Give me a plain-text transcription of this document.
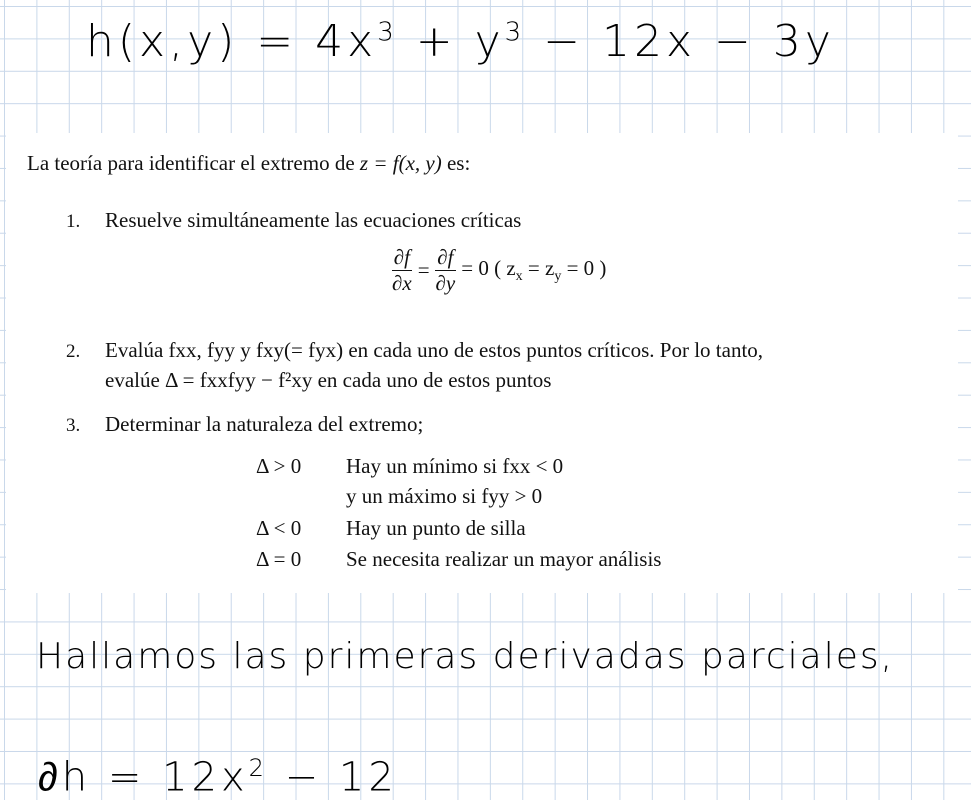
$h(x,y) = 4x^3 + y^3 - 12x - 3y$
La teoría para identificar el extremo de z = f(x, y) es:
1. Resuelve simultáneamente las ecuaciones críticas
$\frac{\partial f}{\partial x} = \frac{\partial f}{\partial y} = 0$ ( $z_x = z_y = 0$ )
2. Evalúa fxx, fyy y fxy(= fyx) en cada uno de estos puntos críticos. Por lo tanto,
evalúe Δ = fxxfyy − f²xy en cada uno de estos puntos
3. Determinar la naturaleza del extremo;
Δ > 0 Hay un mínimo si fxx < 0
y un máximo si fyy > 0
Δ < 0 Hay un punto de silla
Δ = 0 Se necesita realizar un mayor análisis
Hallamos las primeras derivadas parciales,
$\partial h = 12x^2 - 12$
